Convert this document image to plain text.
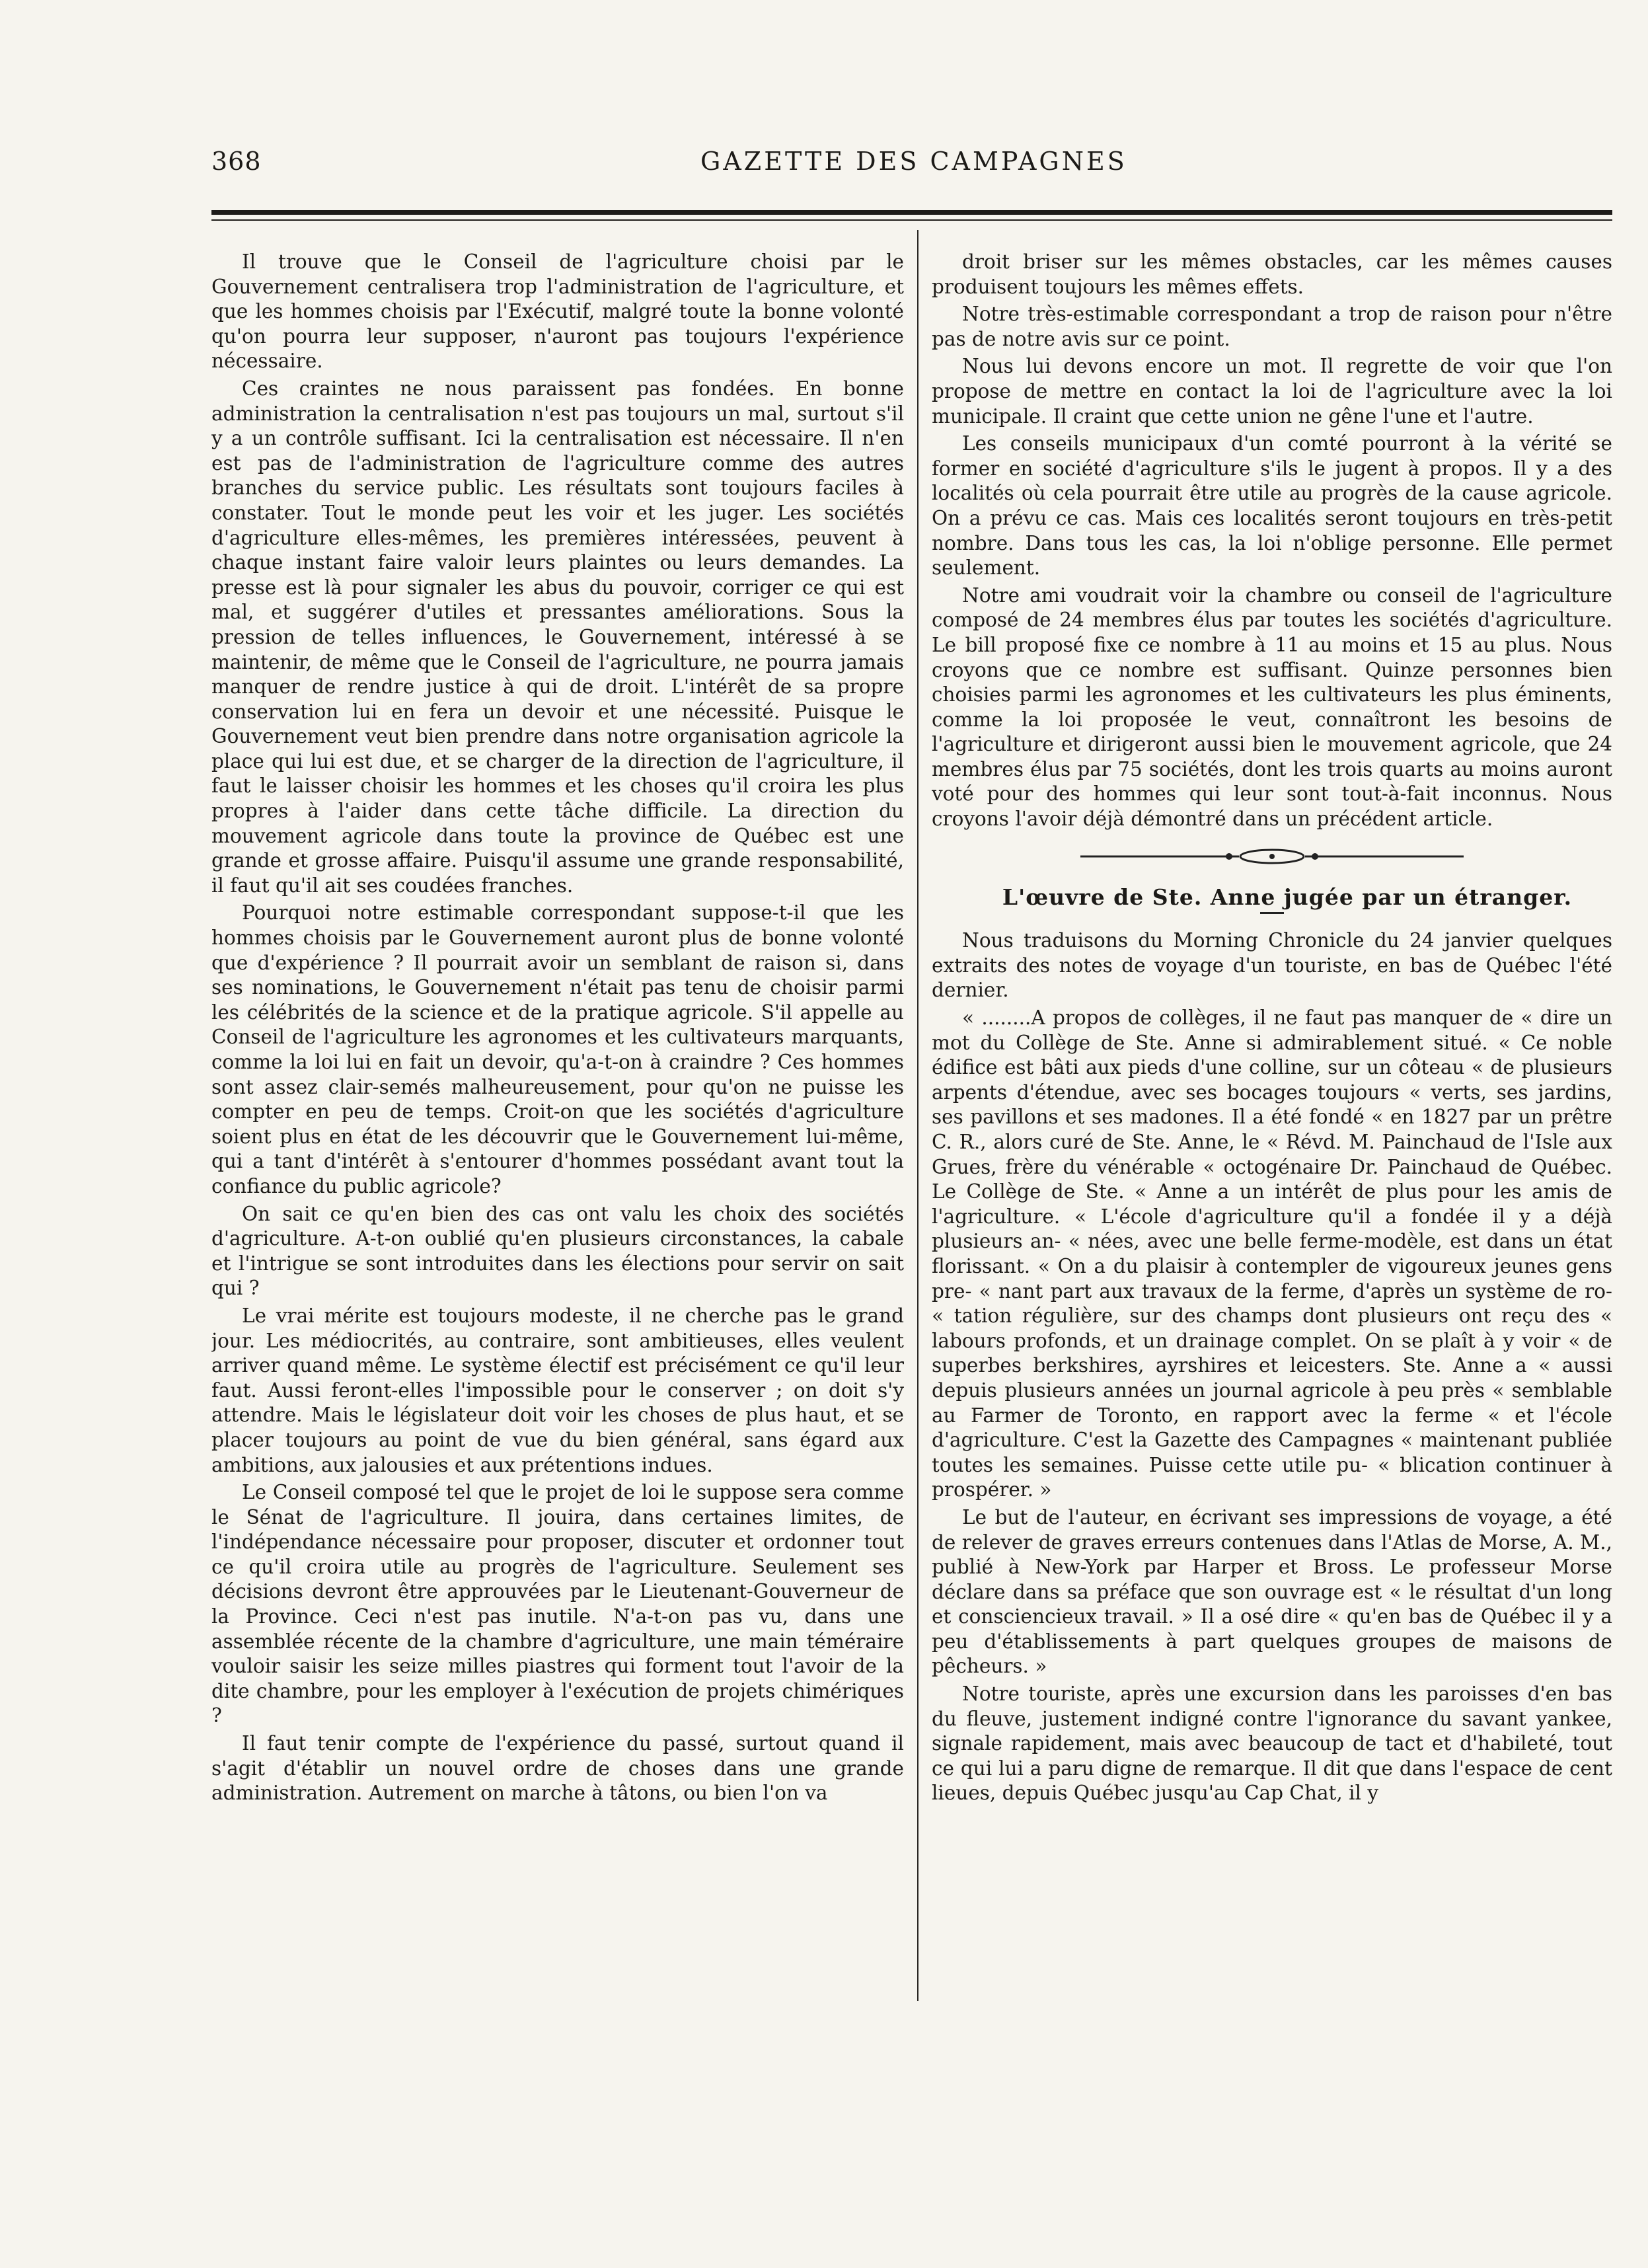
368	GAZETTE DES CAMPAGNES

Il trouve que le Conseil de l'agriculture choisi par le Gouvernement centralisera trop l'administration de l'agriculture, et que les hommes choisis par l'Exécutif, malgré toute la bonne volonté qu'on pourra leur supposer, n'auront pas toujours l'expérience nécessaire.

Ces craintes ne nous paraissent pas fondées. En bonne administration la centralisation n'est pas toujours un mal, surtout s'il y a un contrôle suffisant. Ici la centralisation est nécessaire. Il n'en est pas de l'administration de l'agriculture comme des autres branches du service public. Les résultats sont toujours faciles à constater. Tout le monde peut les voir et les juger. Les sociétés d'agriculture elles-mêmes, les premières intéressées, peuvent à chaque instant faire valoir leurs plaintes ou leurs demandes. La presse est là pour signaler les abus du pouvoir, corriger ce qui est mal, et suggérer d'utiles et pressantes améliorations. Sous la pression de telles influences, le Gouvernement, intéressé à se maintenir, de même que le Conseil de l'agriculture, ne pourra jamais manquer de rendre justice à qui de droit. L'intérêt de sa propre conservation lui en fera un devoir et une nécessité. Puisque le Gouvernement veut bien prendre dans notre organisation agricole la place qui lui est due, et se charger de la direction de l'agriculture, il faut le laisser choisir les hommes et les choses qu'il croira les plus propres à l'aider dans cette tâche difficile. La direction du mouvement agricole dans toute la province de Québec est une grande et grosse affaire. Puisqu'il assume une grande responsabilité, il faut qu'il ait ses coudées franches.

Pourquoi notre estimable correspondant suppose-t-il que les hommes choisis par le Gouvernement auront plus de bonne volonté que d'expérience ? Il pourrait avoir un semblant de raison si, dans ses nominations, le Gouvernement n'était pas tenu de choisir parmi les célébrités de la science et de la pratique agricole. S'il appelle au Conseil de l'agriculture les agronomes et les cultivateurs marquants, comme la loi lui en fait un devoir, qu'a-t-on à craindre ? Ces hommes sont assez clair-semés malheureusement, pour qu'on ne puisse les compter en peu de temps. Croit-on que les sociétés d'agriculture soient plus en état de les découvrir que le Gouvernement lui-même, qui a tant d'intérêt à s'entourer d'hommes possédant avant tout la confiance du public agricole?

On sait ce qu'en bien des cas ont valu les choix des sociétés d'agriculture. A-t-on oublié qu'en plusieurs circonstances, la cabale et l'intrigue se sont introduites dans les élections pour servir on sait qui ?

Le vrai mérite est toujours modeste, il ne cherche pas le grand jour. Les médiocrités, au contraire, sont ambitieuses, elles veulent arriver quand même. Le système électif est précisément ce qu'il leur faut. Aussi feront-elles l'impossible pour le conserver ; on doit s'y attendre. Mais le législateur doit voir les choses de plus haut, et se placer toujours au point de vue du bien général, sans égard aux ambitions, aux jalousies et aux prétentions indues.

Le Conseil composé tel que le projet de loi le suppose sera comme le Sénat de l'agriculture. Il jouira, dans certaines limites, de l'indépendance nécessaire pour proposer, discuter et ordonner tout ce qu'il croira utile au progrès de l'agriculture. Seulement ses décisions devront être approuvées par le Lieutenant-Gouverneur de la Province. Ceci n'est pas inutile. N'a-t-on pas vu, dans une assemblée récente de la chambre d'agriculture, une main téméraire vouloir saisir les seize milles piastres qui forment tout l'avoir de la dite chambre, pour les employer à l'exécution de projets chimériques ?

Il faut tenir compte de l'expérience du passé, surtout quand il s'agit d'établir un nouvel ordre de choses dans une grande administration. Autrement on marche à tâtons, ou bien l'on va

droit briser sur les mêmes obstacles, car les mêmes causes produisent toujours les mêmes effets.

Notre très-estimable correspondant a trop de raison pour n'être pas de notre avis sur ce point.

Nous lui devons encore un mot. Il regrette de voir que l'on propose de mettre en contact la loi de l'agriculture avec la loi municipale. Il craint que cette union ne gêne l'une et l'autre.

Les conseils municipaux d'un comté pourront à la vérité se former en société d'agriculture s'ils le jugent à propos. Il y a des localités où cela pourrait être utile au progrès de la cause agricole. On a prévu ce cas. Mais ces localités seront toujours en très-petit nombre. Dans tous les cas, la loi n'oblige personne. Elle permet seulement.

Notre ami voudrait voir la chambre ou conseil de l'agriculture composé de 24 membres élus par toutes les sociétés d'agriculture. Le bill proposé fixe ce nombre à 11 au moins et 15 au plus. Nous croyons que ce nombre est suffisant. Quinze personnes bien choisies parmi les agronomes et les cultivateurs les plus éminents, comme la loi proposée le veut, connaîtront les besoins de l'agriculture et dirigeront aussi bien le mouvement agricole, que 24 membres élus par 75 sociétés, dont les trois quarts au moins auront voté pour des hommes qui leur sont tout-à-fait inconnus. Nous croyons l'avoir déjà démontré dans un précédent article.

L'œuvre de Ste. Anne jugée par un étranger.

Nous traduisons du Morning Chronicle du 24 janvier quelques extraits des notes de voyage d'un touriste, en bas de Québec l'été dernier.

« ........A propos de collèges, il ne faut pas manquer de « dire un mot du Collège de Ste. Anne si admirablement situé. « Ce noble édifice est bâti aux pieds d'une colline, sur un côteau « de plusieurs arpents d'étendue, avec ses bocages toujours « verts, ses jardins, ses pavillons et ses madones. Il a été fondé « en 1827 par un prêtre C. R., alors curé de Ste. Anne, le « Révd. M. Painchaud de l'Isle aux Grues, frère du vénérable « octogénaire Dr. Painchaud de Québec. Le Collège de Ste. « Anne a un intérêt de plus pour les amis de l'agriculture. « L'école d'agriculture qu'il a fondée il y a déjà plusieurs an- « nées, avec une belle ferme-modèle, est dans un état florissant. « On a du plaisir à contempler de vigoureux jeunes gens pre- « nant part aux travaux de la ferme, d'après un système de ro- « tation régulière, sur des champs dont plusieurs ont reçu des « labours profonds, et un drainage complet. On se plaît à y voir « de superbes berkshires, ayrshires et leicesters. Ste. Anne a « aussi depuis plusieurs années un journal agricole à peu près « semblable au Farmer de Toronto, en rapport avec la ferme « et l'école d'agriculture. C'est la Gazette des Campagnes « maintenant publiée toutes les semaines. Puisse cette utile pu- « blication continuer à prospérer. »

Le but de l'auteur, en écrivant ses impressions de voyage, a été de relever de graves erreurs contenues dans l'Atlas de Morse, A. M., publié à New-York par Harper et Bross. Le professeur Morse déclare dans sa préface que son ouvrage est « le résultat d'un long et consciencieux travail. » Il a osé dire « qu'en bas de Québec il y a peu d'établissements à part quelques groupes de maisons de pêcheurs. »

Notre touriste, après une excursion dans les paroisses d'en bas du fleuve, justement indigné contre l'ignorance du savant yankee, signale rapidement, mais avec beaucoup de tact et d'habileté, tout ce qui lui a paru digne de remarque. Il dit que dans l'espace de cent lieues, depuis Québec jusqu'au Cap Chat, il y
